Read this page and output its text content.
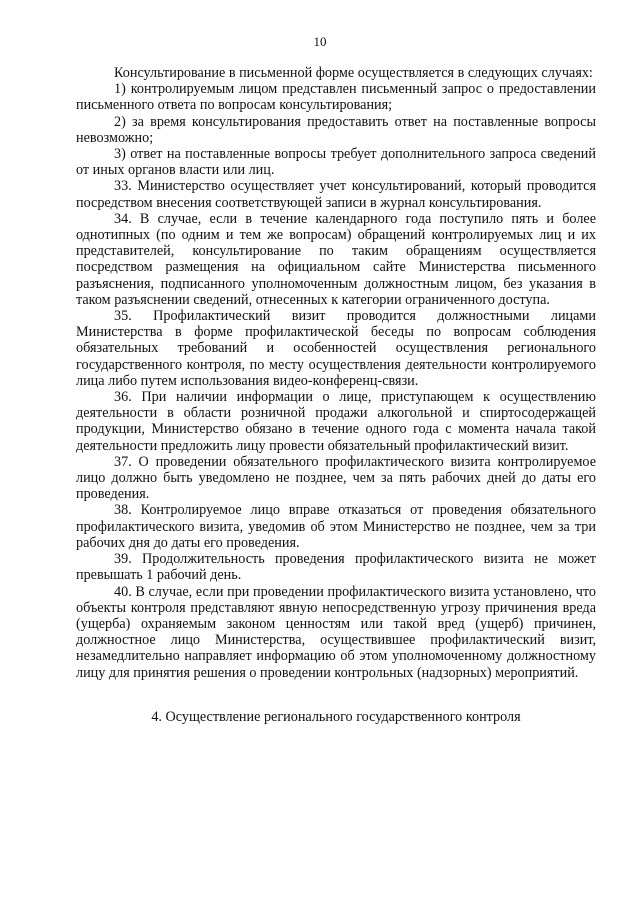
10

Консультирование в письменной форме осуществляется в следующих случаях:

1) контролируемым лицом представлен письменный запрос о предоставлении письменного ответа по вопросам консультирования;

2) за время консультирования предоставить ответ на поставленные вопросы невозможно;

3) ответ на поставленные вопросы требует дополнительного запроса сведений от иных органов власти или лиц.

33. Министерство осуществляет учет консультирований, который проводится посредством внесения соответствующей записи в журнал консультирования.

34. В случае, если в течение календарного года поступило пять и более однотипных (по одним и тем же вопросам) обращений контролируемых лиц и их представителей, консультирование по таким обращениям осуществляется посредством размещения на официальном сайте Министерства письменного разъяснения, подписанного уполномоченным должностным лицом, без указания в таком разъяснении сведений, отнесенных к категории ограниченного доступа.

35. Профилактический визит проводится должностными лицами Министерства в форме профилактической беседы по вопросам соблюдения обязательных требований и особенностей осуществления регионального государственного контроля, по месту осуществления деятельности контролируемого лица либо путем использования видео-конференц-связи.

36. При наличии информации о лице, приступающем к осуществлению деятельности в области розничной продажи алкогольной и спиртосодержащей продукции, Министерство обязано в течение одного года с момента начала такой деятельности предложить лицу провести обязательный профилактический визит.

37. О проведении обязательного профилактического визита контролируемое лицо должно быть уведомлено не позднее, чем за пять рабочих дней до даты его проведения.

38. Контролируемое лицо вправе отказаться от проведения обязательного профилактического визита, уведомив об этом Министерство не позднее, чем за три рабочих дня до даты его проведения.

39. Продолжительность проведения профилактического визита не может превышать 1 рабочий день.

40. В случае, если при проведении профилактического визита установлено, что объекты контроля представляют явную непосредственную угрозу причинения вреда (ущерба) охраняемым законом ценностям или такой вред (ущерб) причинен, должностное лицо Министерства, осуществившее профилактический визит, незамедлительно направляет информацию об этом уполномоченному должностному лицу для принятия решения о проведении контрольных (надзорных) мероприятий.

4. Осуществление регионального государственного контроля
